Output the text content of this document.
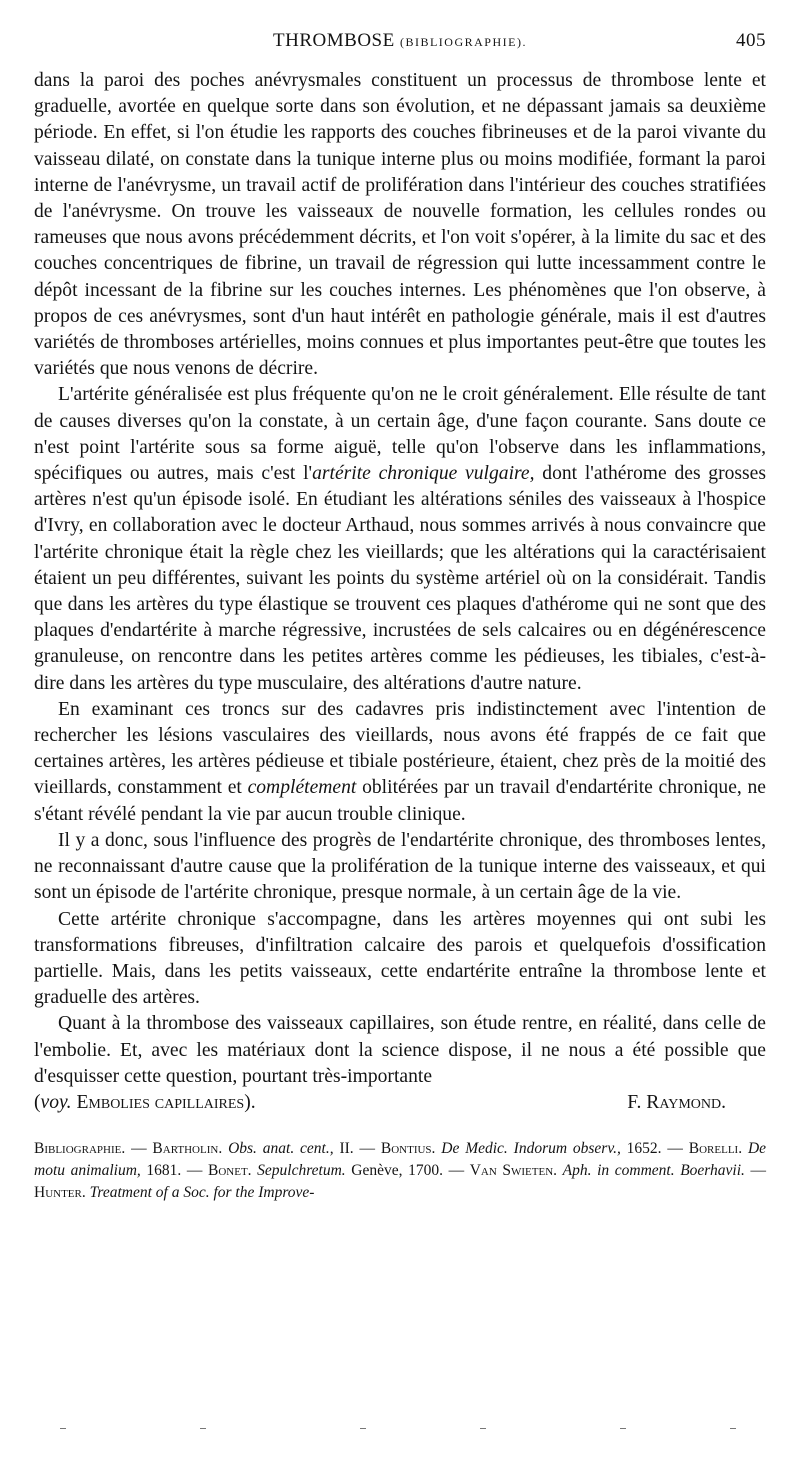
THROMBOSE (BIBLIOGRAPHIE).	405

dans la paroi des poches anévrysmales constituent un processus de thrombose lente et graduelle, avortée en quelque sorte dans son évolution, et ne dépassant jamais sa deuxième période. En effet, si l'on étudie les rapports des couches fibrineuses et de la paroi vivante du vaisseau dilaté, on constate dans la tunique interne plus ou moins modifiée, formant la paroi interne de l'anévrysme, un travail actif de prolifération dans l'intérieur des couches stratifiées de l'anévrysme. On trouve les vaisseaux de nouvelle formation, les cellules rondes ou rameuses que nous avons précédemment décrits, et l'on voit s'opérer, à la limite du sac et des couches concentriques de fibrine, un travail de régression qui lutte incessamment contre le dépôt incessant de la fibrine sur les couches internes. Les phénomènes que l'on observe, à propos de ces anévrysmes, sont d'un haut intérêt en pathologie générale, mais il est d'autres variétés de thromboses artérielles, moins connues et plus importantes peut-être que toutes les variétés que nous venons de décrire.

L'artérite généralisée est plus fréquente qu'on ne le croit généralement. Elle résulte de tant de causes diverses qu'on la constate, à un certain âge, d'une façon courante. Sans doute ce n'est point l'artérite sous sa forme aiguë, telle qu'on l'observe dans les inflammations, spécifiques ou autres, mais c'est l'artérite chronique vulgaire, dont l'athérome des grosses artères n'est qu'un épisode isolé. En étudiant les altérations séniles des vaisseaux à l'hospice d'Ivry, en collaboration avec le docteur Arthaud, nous sommes arrivés à nous convaincre que l'artérite chronique était la règle chez les vieillards; que les altérations qui la caractérisaient étaient un peu différentes, suivant les points du système artériel où on la considérait. Tandis que dans les artères du type élastique se trouvent ces plaques d'athérome qui ne sont que des plaques d'endartérite à marche régressive, incrustées de sels calcaires ou en dégénérescence granuleuse, on rencontre dans les petites artères comme les pédieuses, les tibiales, c'est-à-dire dans les artères du type musculaire, des altérations d'autre nature.

En examinant ces troncs sur des cadavres pris indistinctement avec l'intention de rechercher les lésions vasculaires des vieillards, nous avons été frappés de ce fait que certaines artères, les artères pédieuse et tibiale postérieure, étaient, chez près de la moitié des vieillards, constamment et complétement oblitérées par un travail d'endartérite chronique, ne s'étant révélé pendant la vie par aucun trouble clinique.

Il y a donc, sous l'influence des progrès de l'endartérite chronique, des thromboses lentes, ne reconnaissant d'autre cause que la prolifération de la tunique interne des vaisseaux, et qui sont un épisode de l'artérite chronique, presque normale, à un certain âge de la vie.

Cette artérite chronique s'accompagne, dans les artères moyennes qui ont subi les transformations fibreuses, d'infiltration calcaire des parois et quelquefois d'ossification partielle. Mais, dans les petits vaisseaux, cette endartérite entraîne la thrombose lente et graduelle des artères.

Quant à la thrombose des vaisseaux capillaires, son étude rentre, en réalité, dans celle de l'embolie. Et, avec les matériaux dont la science dispose, il ne nous a été possible que d'esquisser cette question, pourtant très-importante

(voy. Embolies capillaires).	F. Raymond.

Bibliographie. — Bartholin. Obs. anat. cent., II. — Bontius. De Medic. Indorum observ., 1652. — Borelli. De motu animalium, 1681. — Bonet. Sepulchretum. Genève, 1700. — Van Swieten. Aph. in comment. Boerhavii. — Hunter. Treatment of a Soc. for the Improve-
